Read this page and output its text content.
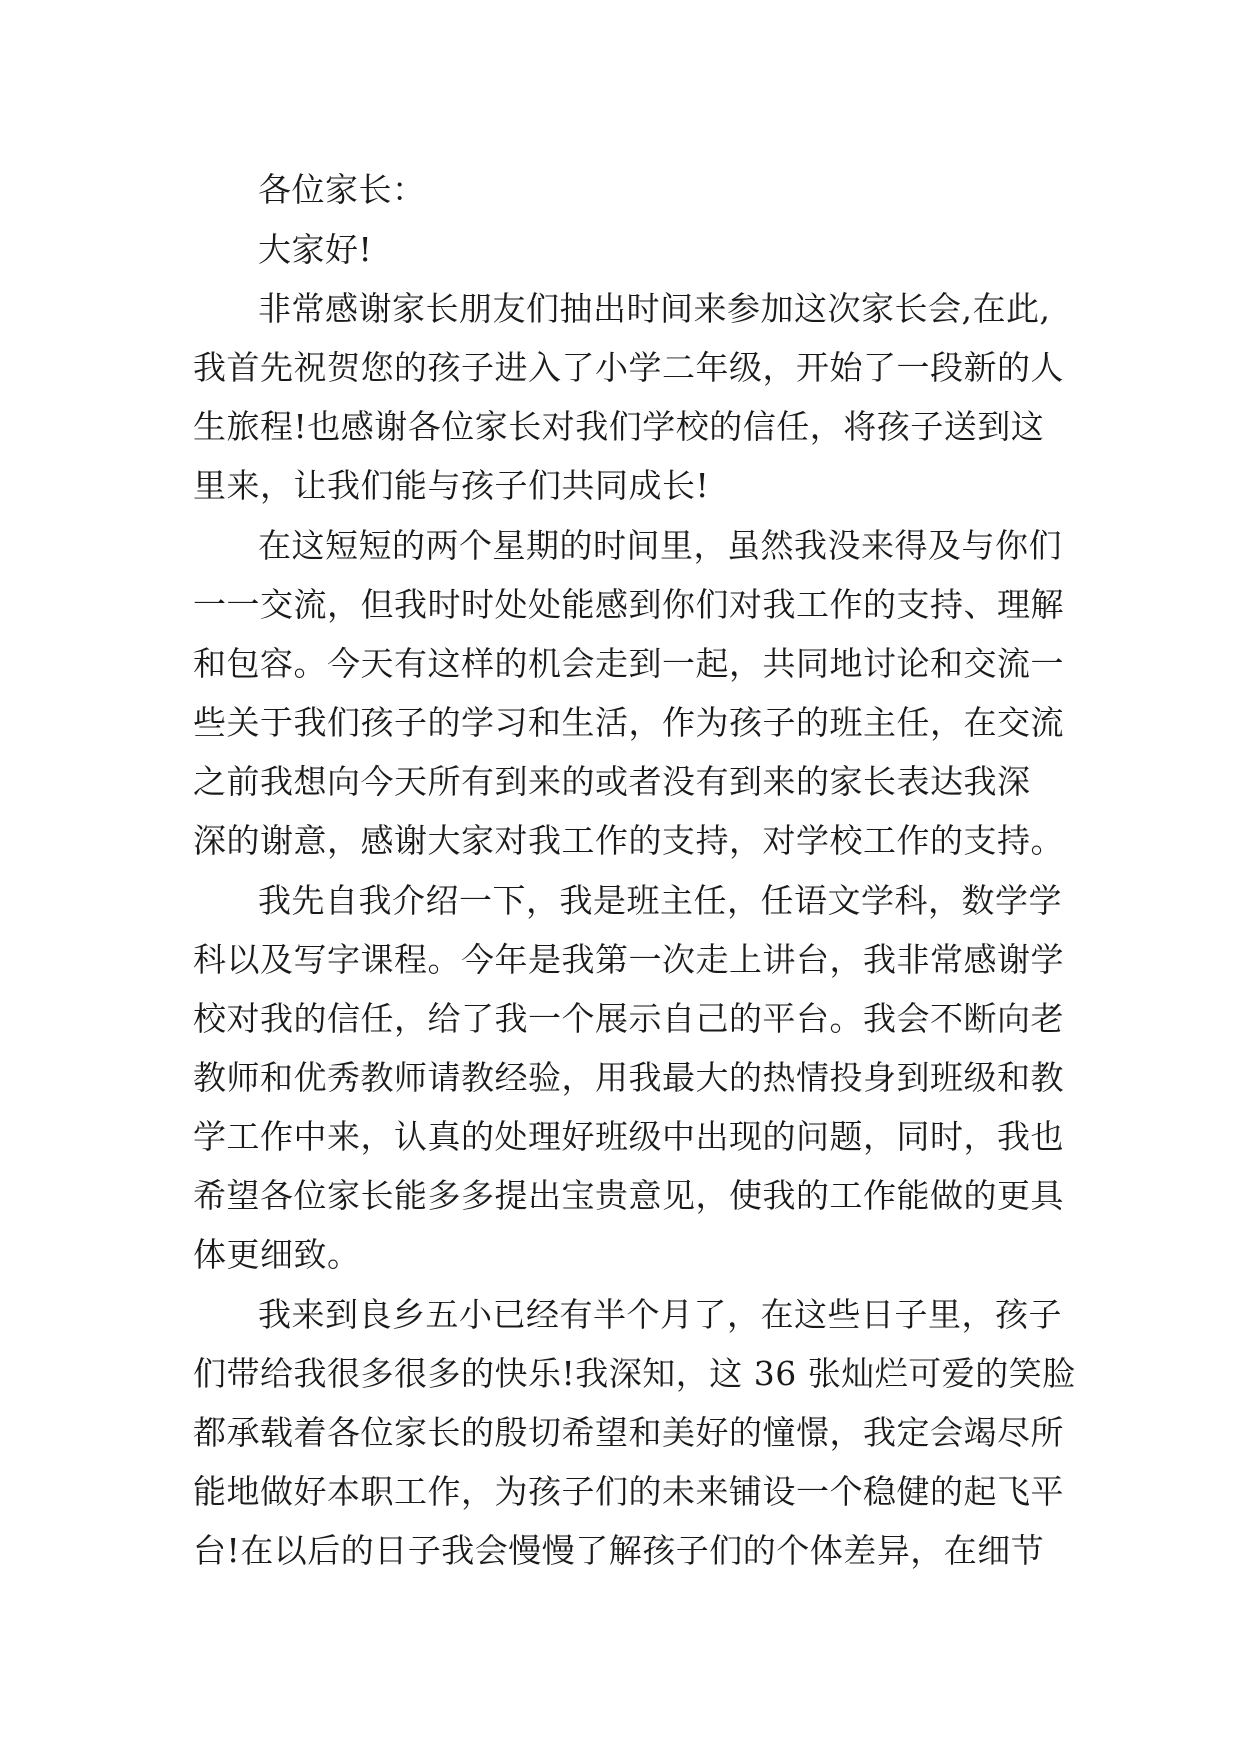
各位家长：
大家好!
非常感谢家长朋友们抽出时间来参加这次家长会,在此,
我首先祝贺您的孩子进入了小学二年级，开始了一段新的人
生旅程!也感谢各位家长对我们学校的信任，将孩子送到这
里来，让我们能与孩子们共同成长!
在这短短的两个星期的时间里，虽然我没来得及与你们
一一交流，但我时时处处能感到你们对我工作的支持、理解
和包容。今天有这样的机会走到一起，共同地讨论和交流一
些关于我们孩子的学习和生活，作为孩子的班主任，在交流
之前我想向今天所有到来的或者没有到来的家长表达我深
深的谢意，感谢大家对我工作的支持，对学校工作的支持。
我先自我介绍一下，我是班主任，任语文学科，数学学
科以及写字课程。今年是我第一次走上讲台，我非常感谢学
校对我的信任，给了我一个展示自己的平台。我会不断向老
教师和优秀教师请教经验，用我最大的热情投身到班级和教
学工作中来，认真的处理好班级中出现的问题，同时，我也
希望各位家长能多多提出宝贵意见，使我的工作能做的更具
体更细致。
我来到良乡五小已经有半个月了，在这些日子里，孩子
们带给我很多很多的快乐!我深知，这 36 张灿烂可爱的笑脸
都承载着各位家长的殷切希望和美好的憧憬，我定会竭尽所
能地做好本职工作，为孩子们的未来铺设一个稳健的起飞平
台!在以后的日子我会慢慢了解孩子们的个体差异，在细节
